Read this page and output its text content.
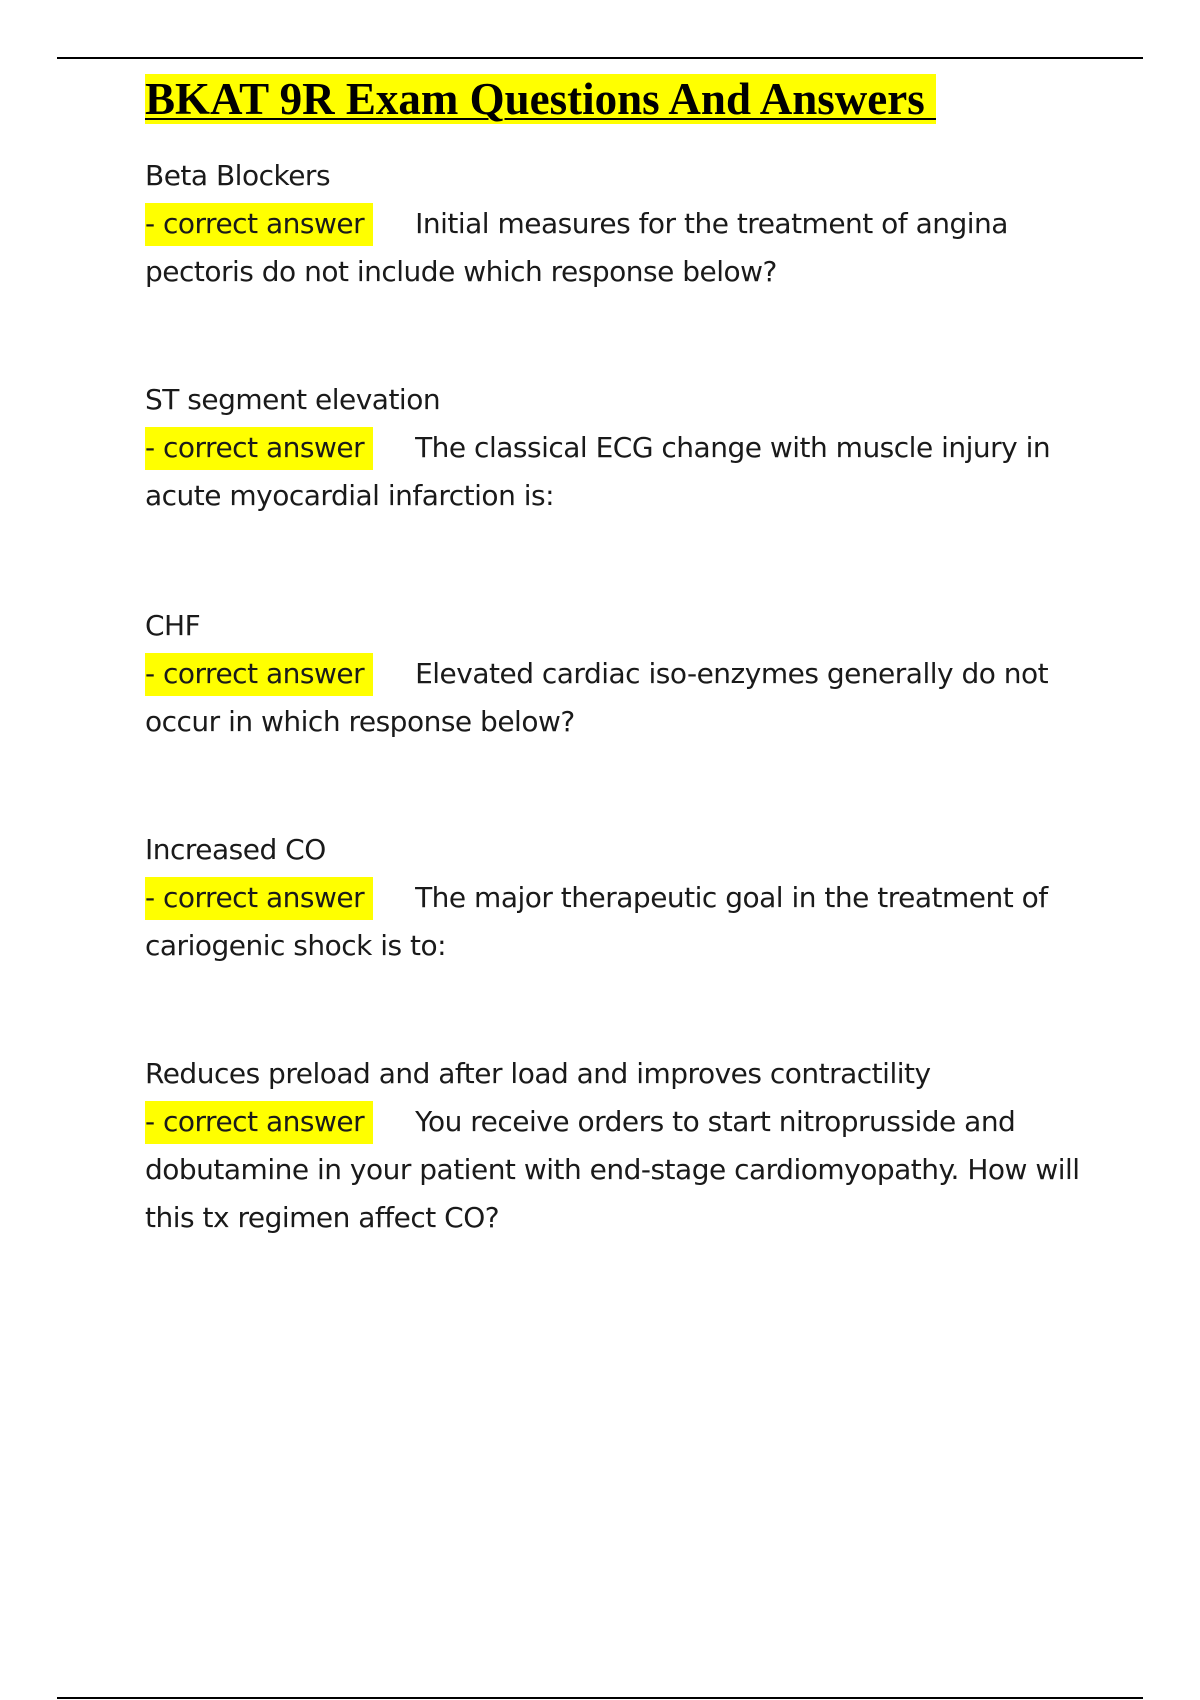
BKAT 9R Exam Questions And Answers
Beta Blockers
- correct answer Initial measures for the treatment of angina pectoris do not include which response below?
ST segment elevation
- correct answer The classical ECG change with muscle injury in acute myocardial infarction is:
CHF
- correct answer Elevated cardiac iso-enzymes generally do not occur in which response below?
Increased CO
- correct answer The major therapeutic goal in the treatment of cariogenic shock is to:
Reduces preload and after load and improves contractility
- correct answer You receive orders to start nitroprusside and dobutamine in your patient with end-stage cardiomyopathy. How will this tx regimen affect CO?
